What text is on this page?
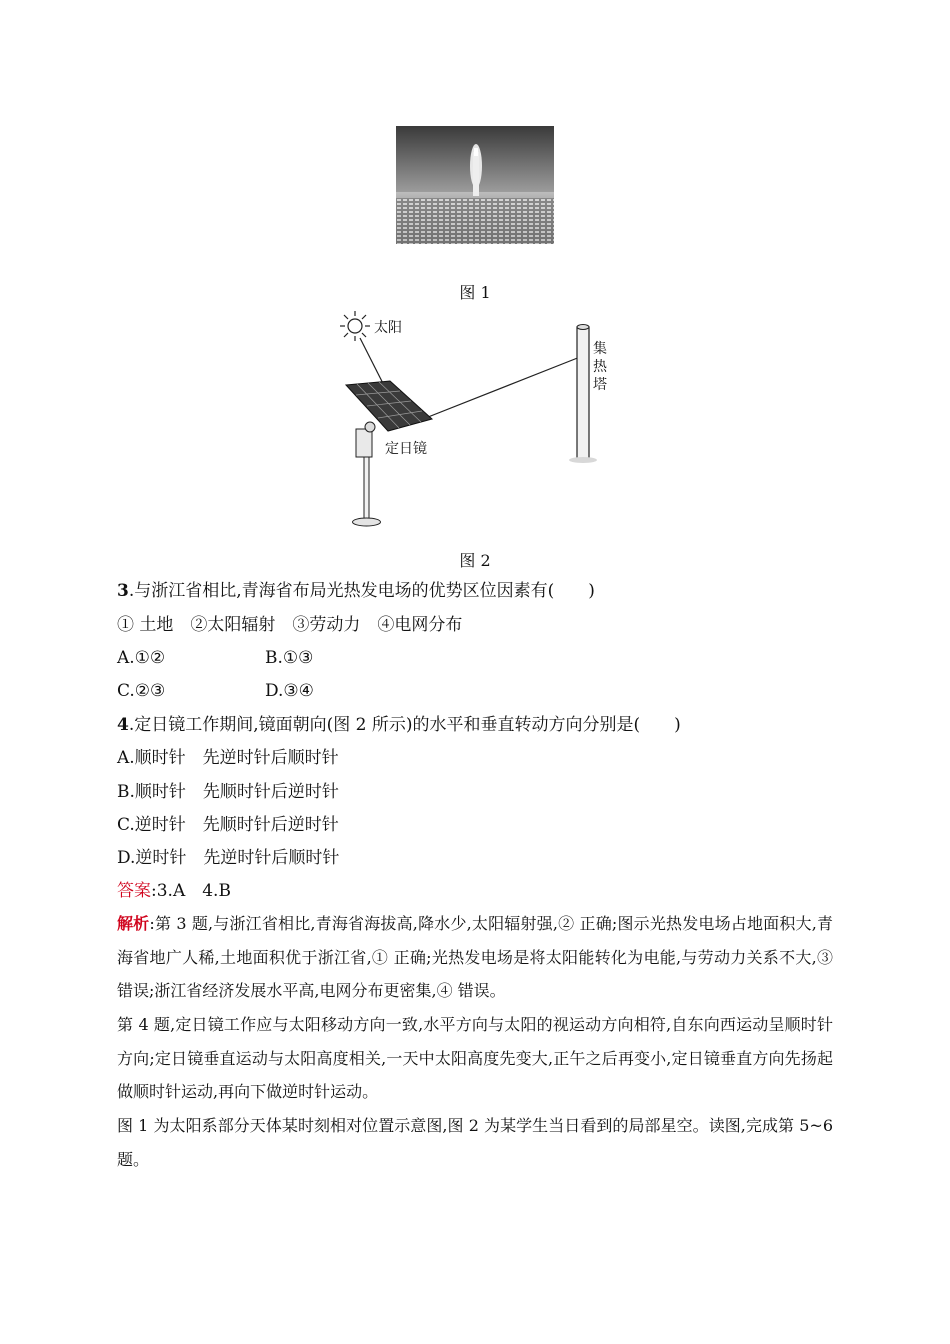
图 1
太阳
集 热 塔
定日镜
图 2
3.与浙江省相比,青海省布局光热发电场的优势区位因素有(　　)
① 土地　②太阳辐射　③劳动力　④电网分布
A.①②	B.①③
C.②③	D.③④
4.定日镜工作期间,镜面朝向(图 2 所示)的水平和垂直转动方向分别是(　　)
A.顺时针　先逆时针后顺时针
B.顺时针　先顺时针后逆时针
C.逆时针　先顺时针后逆时针
D.逆时针　先逆时针后顺时针
答案:3.A　4.B
解析:第 3 题,与浙江省相比,青海省海拔高,降水少,太阳辐射强,② 正确;图示光热发电场占地面积大,青海省地广人稀,土地面积优于浙江省,① 正确;光热发电场是将太阳能转化为电能,与劳动力关系不大,③ 错误;浙江省经济发展水平高,电网分布更密集,④ 错误。
第 4 题,定日镜工作应与太阳移动方向一致,水平方向与太阳的视运动方向相符,自东向西运动呈顺时针方向;定日镜垂直运动与太阳高度相关,一天中太阳高度先变大,正午之后再变小,定日镜垂直方向先扬起做顺时针运动,再向下做逆时针运动。
图 1 为太阳系部分天体某时刻相对位置示意图,图 2 为某学生当日看到的局部星空。读图,完成第 5~6 题。
